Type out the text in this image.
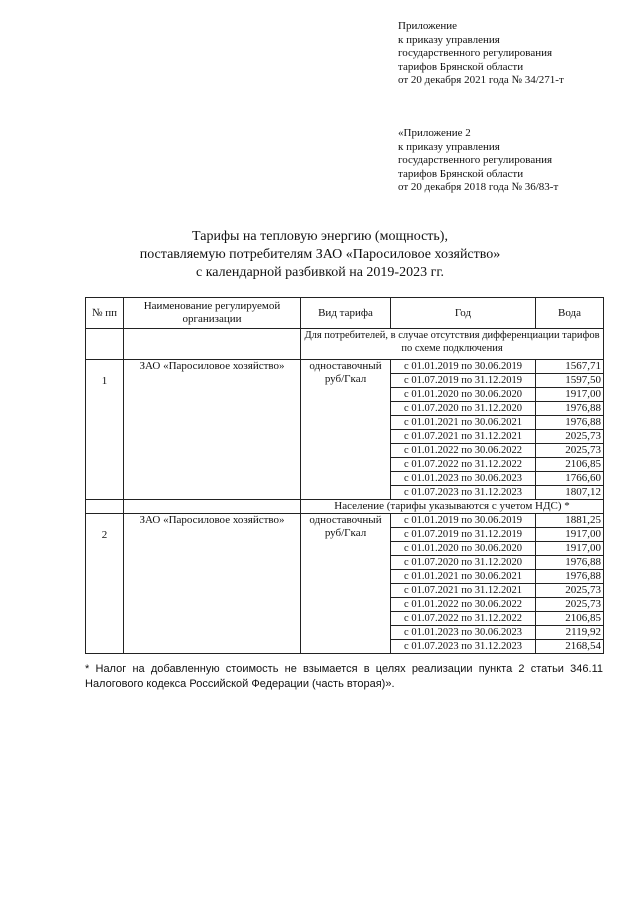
Приложение
к приказу управления
государственного регулирования
тарифов Брянской области
от 20 декабря 2021 года № 34/271-т
«Приложение 2
к приказу управления
государственного регулирования
тарифов Брянской области
от 20 декабря 2018 года № 36/83-т
Тарифы на тепловую энергию (мощность),
поставляемую потребителям ЗАО «Паросиловое хозяйство»
с календарной разбивкой на 2019-2023 гг.
№ пп	Наименование регулируемой организации	Вид тарифа	Год	Вода
		Для потребителей, в случае отсутствия дифференциации тарифов по схеме подключения		
1	ЗАО «Паросиловое хозяйство»	одноставочный руб/Гкал	с 01.01.2019 по 30.06.2019	1567,71
			с 01.07.2019 по 31.12.2019	1597,50
			с 01.01.2020 по 30.06.2020	1917,00
			с 01.07.2020 по 31.12.2020	1976,88
			с 01.01.2021 по 30.06.2021	1976,88
			с 01.07.2021 по 31.12.2021	2025,73
			с 01.01.2022 по 30.06.2022	2025,73
			с 01.07.2022 по 31.12.2022	2106,85
			с 01.01.2023 по 30.06.2023	1766,60
			с 01.07.2023 по 31.12.2023	1807,12
		Население (тарифы указываются с учетом НДС) *		
2	ЗАО «Паросиловое хозяйство»	одноставочный руб/Гкал	с 01.01.2019 по 30.06.2019	1881,25
			с 01.07.2019 по 31.12.2019	1917,00
			с 01.01.2020 по 30.06.2020	1917,00
			с 01.07.2020 по 31.12.2020	1976,88
			с 01.01.2021 по 30.06.2021	1976,88
			с 01.07.2021 по 31.12.2021	2025,73
			с 01.01.2022 по 30.06.2022	2025,73
			с 01.07.2022 по 31.12.2022	2106,85
			с 01.01.2023 по 30.06.2023	2119,92
			с 01.07.2023 по 31.12.2023	2168,54
* Налог на добавленную стоимость не взымается в целях реализации пункта 2 статьи 346.11 Налогового кодекса Российской Федерации (часть вторая)».
